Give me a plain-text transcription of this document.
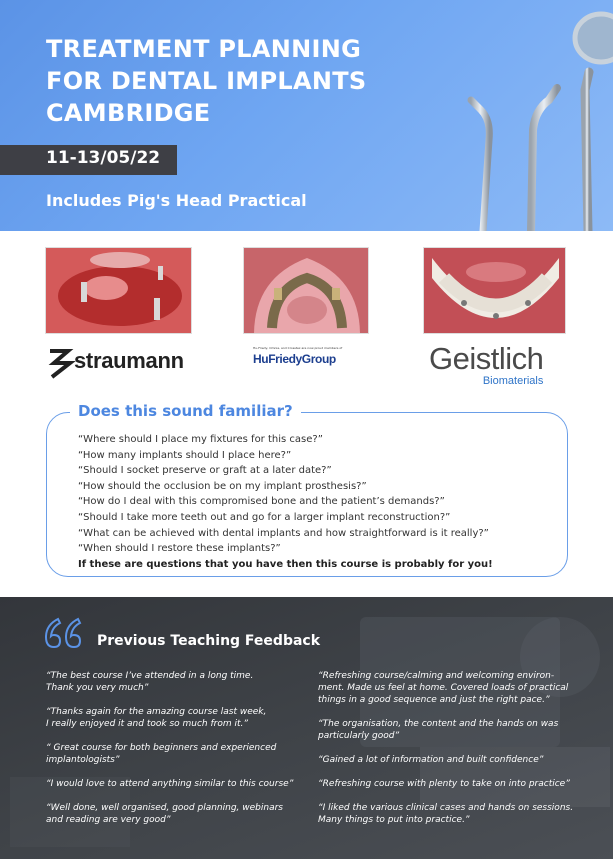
TREATMENT PLANNING
FOR DENTAL IMPLANTS
CAMBRIDGE
11-13/05/22
Includes Pig's Head Practical
straumann	Hu-Friedy, Omnia, and Crosstex are now proud members of
HuFriedyGroup	Geistlich
Biomaterials
Does this sound familiar?
“Where should I place my fixtures for this case?”
“How many implants should I place here?”
“Should I socket preserve or graft at a later date?”
“How should the occlusion be on my implant prosthesis?”
“How do I deal with this compromised bone and the patient’s demands?”
“Should I take more teeth out and go for a larger implant reconstruction?”
“What can be achieved with dental implants and how straightforward is it really?”
“When should I restore these implants?”
If these are questions that you have then this course is probably for you!
Previous Teaching Feedback
“The best course I’ve attended in a long time.
Thank you very much”
“Thanks again for the amazing course last week,
I really enjoyed it and took so much from it.”
“ Great course for both beginners and experienced
implantologists”
“I would love to attend anything similar to this course”
“Well done, well organised, good planning, webinars
and reading are very good”
“Refreshing course/calming and welcoming environ-
ment. Made us feel at home. Covered loads of practical
things in a good sequence and just the right pace.”
“The organisation, the content and the hands on was
particularly good”
“Gained a lot of information and built confidence”
“Refreshing course with plenty to take on into practice”
“I liked the various clinical cases and hands on sessions.
Many things to put into practice.”
